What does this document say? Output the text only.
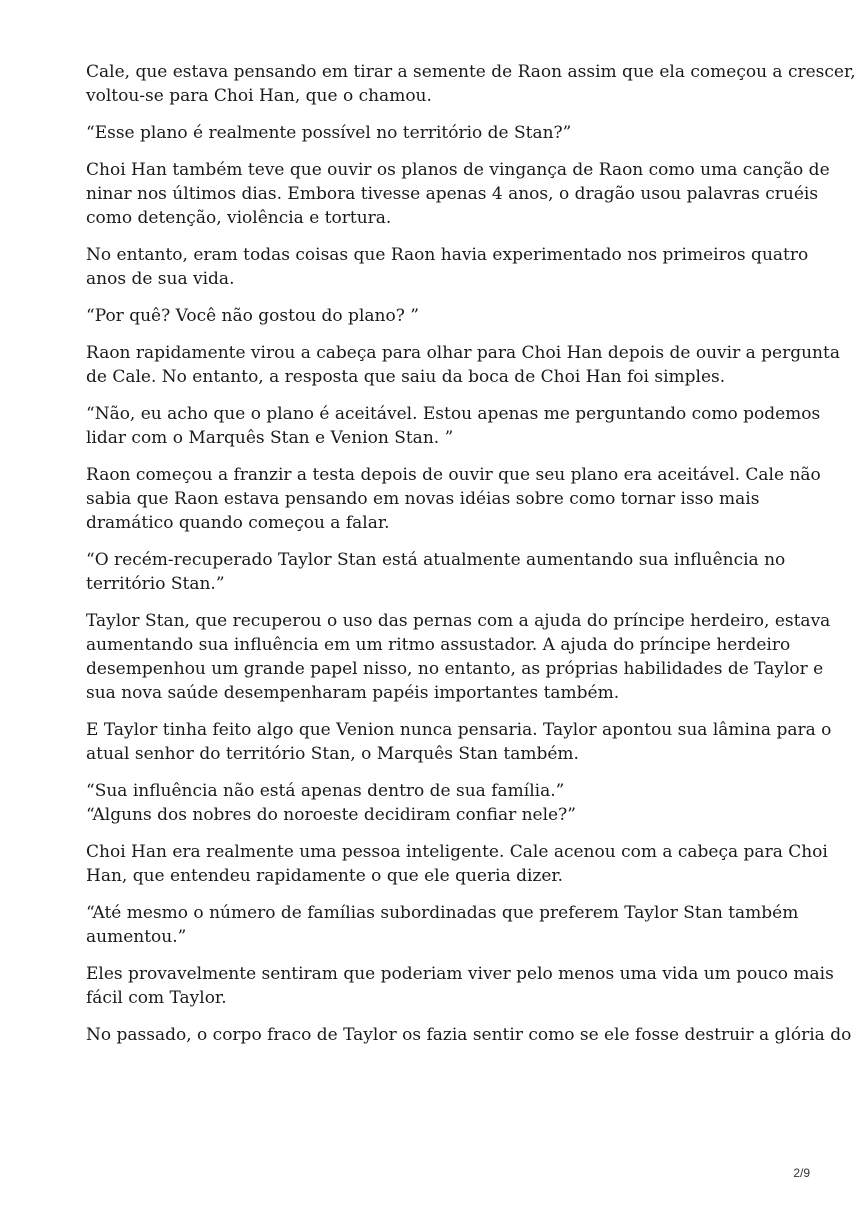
Cale, que estava pensando em tirar a semente de Raon assim que ela começou a crescer,
voltou-se para Choi Han, que o chamou.

“Esse plano é realmente possível no território de Stan?”

Choi Han também teve que ouvir os planos de vingança de Raon como uma canção de
ninar nos últimos dias. Embora tivesse apenas 4 anos, o dragão usou palavras cruéis
como detenção, violência e tortura.

No entanto, eram todas coisas que Raon havia experimentado nos primeiros quatro
anos de sua vida.

“Por quê? Você não gostou do plano? ”

Raon rapidamente virou a cabeça para olhar para Choi Han depois de ouvir a pergunta
de Cale. No entanto, a resposta que saiu da boca de Choi Han foi simples.

“Não, eu acho que o plano é aceitável. Estou apenas me perguntando como podemos
lidar com o Marquês Stan e Venion Stan. ”

Raon começou a franzir a testa depois de ouvir que seu plano era aceitável. Cale não
sabia que Raon estava pensando em novas idéias sobre como tornar isso mais
dramático quando começou a falar.

“O recém-recuperado Taylor Stan está atualmente aumentando sua influência no
território Stan.”

Taylor Stan, que recuperou o uso das pernas com a ajuda do príncipe herdeiro, estava
aumentando sua influência em um ritmo assustador. A ajuda do príncipe herdeiro
desempenhou um grande papel nisso, no entanto, as próprias habilidades de Taylor e
sua nova saúde desempenharam papéis importantes também.

E Taylor tinha feito algo que Venion nunca pensaria. Taylor apontou sua lâmina para o
atual senhor do território Stan, o Marquês Stan também.

“Sua influência não está apenas dentro de sua família.”
“Alguns dos nobres do noroeste decidiram confiar nele?”

Choi Han era realmente uma pessoa inteligente. Cale acenou com a cabeça para Choi
Han, que entendeu rapidamente o que ele queria dizer.

“Até mesmo o número de famílias subordinadas que preferem Taylor Stan também
aumentou.”

Eles provavelmente sentiram que poderiam viver pelo menos uma vida um pouco mais
fácil com Taylor.

No passado, o corpo fraco de Taylor os fazia sentir como se ele fosse destruir a glória do

2/9
